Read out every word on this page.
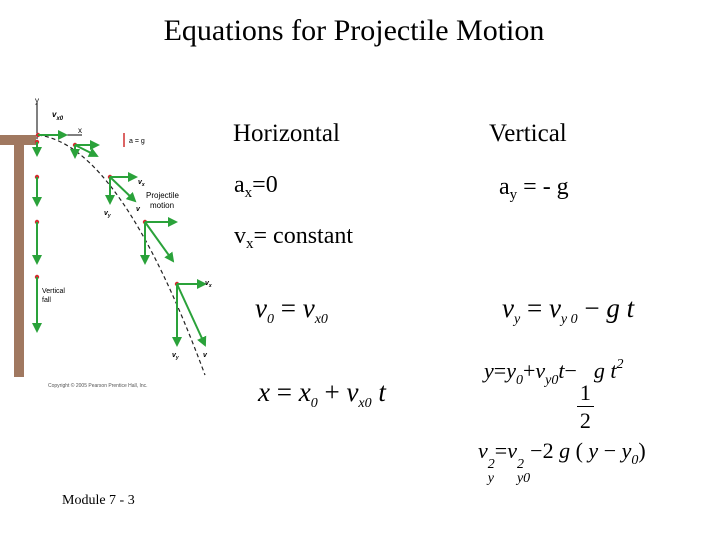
Equations for Projectile Motion
y
x
$v_{x0}$
a = g
Vertical
fall
$v_x$
Projectile
motion
v
$v_y$
$v_x$
$v_y$	v
Copyright © 2005 Pearson Prentice Hall, Inc.
Horizontal	Vertical
$a_x=0$	$a_y$ = - g
$v_x=$ constant
$v_0 = v_{x0}$
$x = x_0 + v_{x0}$ t
$v_y = v_{y 0} - g$ t
$y=y_0+v_{y0}t-$
$\frac{1}{2}$
g $t^2$
v
2
y
=v
2
y0
−2 g ( $y - y_0$)
Module 7 - 3
